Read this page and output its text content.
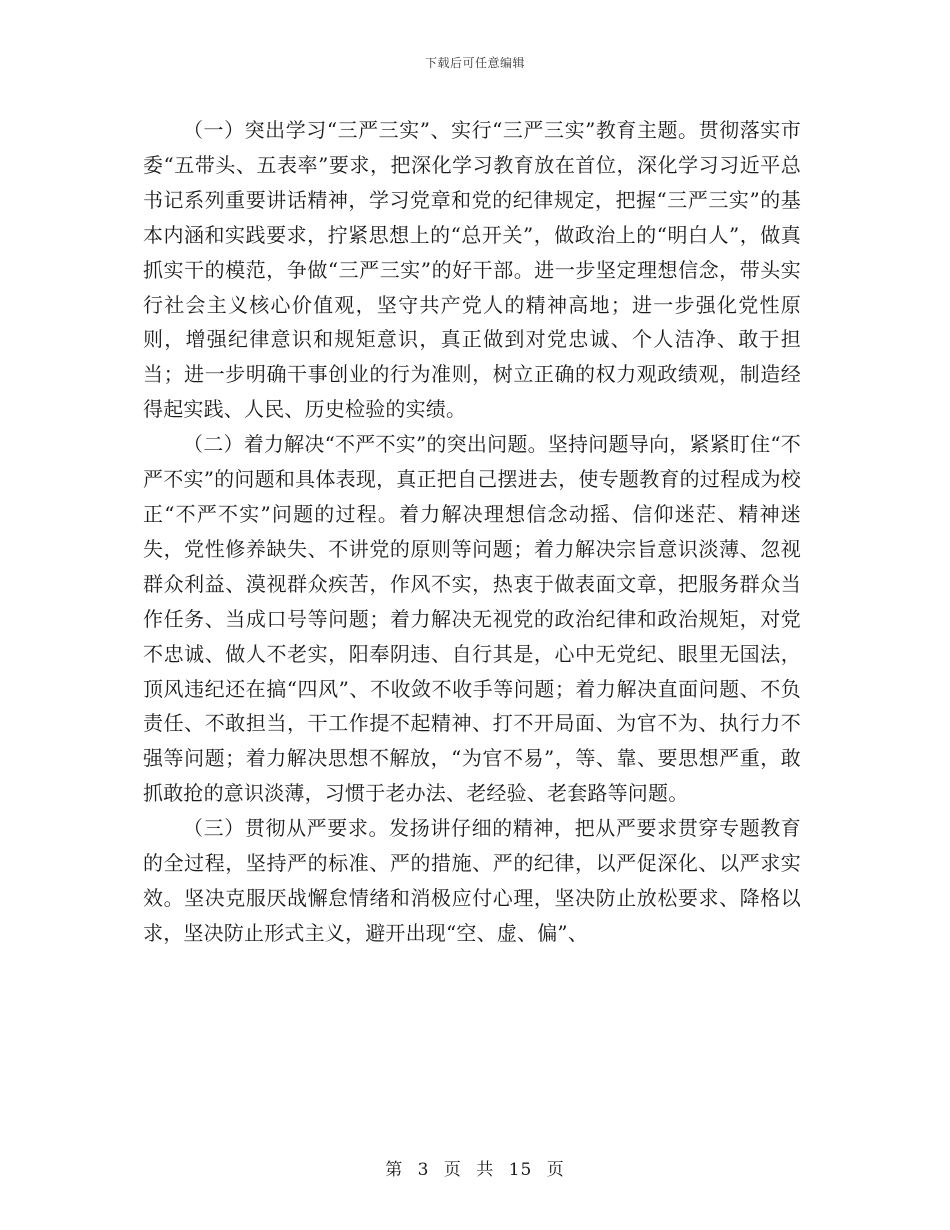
下载后可任意编辑

（一）突出学习“三严三实”、实行“三严三实”教育主题。贯彻落实市委“五带头、五表率”要求，把深化学习教育放在首位，深化学习习近平总书记系列重要讲话精神，学习党章和党的纪律规定，把握“三严三实”的基本内涵和实践要求，拧紧思想上的“总开关”，做政治上的“明白人”，做真抓实干的模范，争做“三严三实”的好干部。进一步坚定理想信念，带头实行社会主义核心价值观，坚守共产党人的精神高地；进一步强化党性原则，增强纪律意识和规矩意识，真正做到对党忠诚、个人洁净、敢于担当；进一步明确干事创业的行为准则，树立正确的权力观政绩观，制造经得起实践、人民、历史检验的实绩。

（二）着力解决“不严不实”的突出问题。坚持问题导向，紧紧盯住“不严不实”的问题和具体表现，真正把自己摆进去，使专题教育的过程成为校正“不严不实”问题的过程。着力解决理想信念动摇、信仰迷茫、精神迷失，党性修养缺失、不讲党的原则等问题；着力解决宗旨意识淡薄、忽视群众利益、漠视群众疾苦，作风不实，热衷于做表面文章，把服务群众当作任务、当成口号等问题；着力解决无视党的政治纪律和政治规矩，对党不忠诚、做人不老实，阳奉阴违、自行其是，心中无党纪、眼里无国法，顶风违纪还在搞“四风”、不收敛不收手等问题；着力解决直面问题、不负责任、不敢担当，干工作提不起精神、打不开局面、为官不为、执行力不强等问题；着力解决思想不解放，“为官不易”，等、靠、要思想严重，敢抓敢抢的意识淡薄，习惯于老办法、老经验、老套路等问题。

（三）贯彻从严要求。发扬讲仔细的精神，把从严要求贯穿专题教育的全过程，坚持严的标准、严的措施、严的纪律，以严促深化、以严求实效。坚决克服厌战懈怠情绪和消极应付心理，坚决防止放松要求、降格以求，坚决防止形式主义，避开出现“空、虚、偏”、

第 3 页 共 15 页
